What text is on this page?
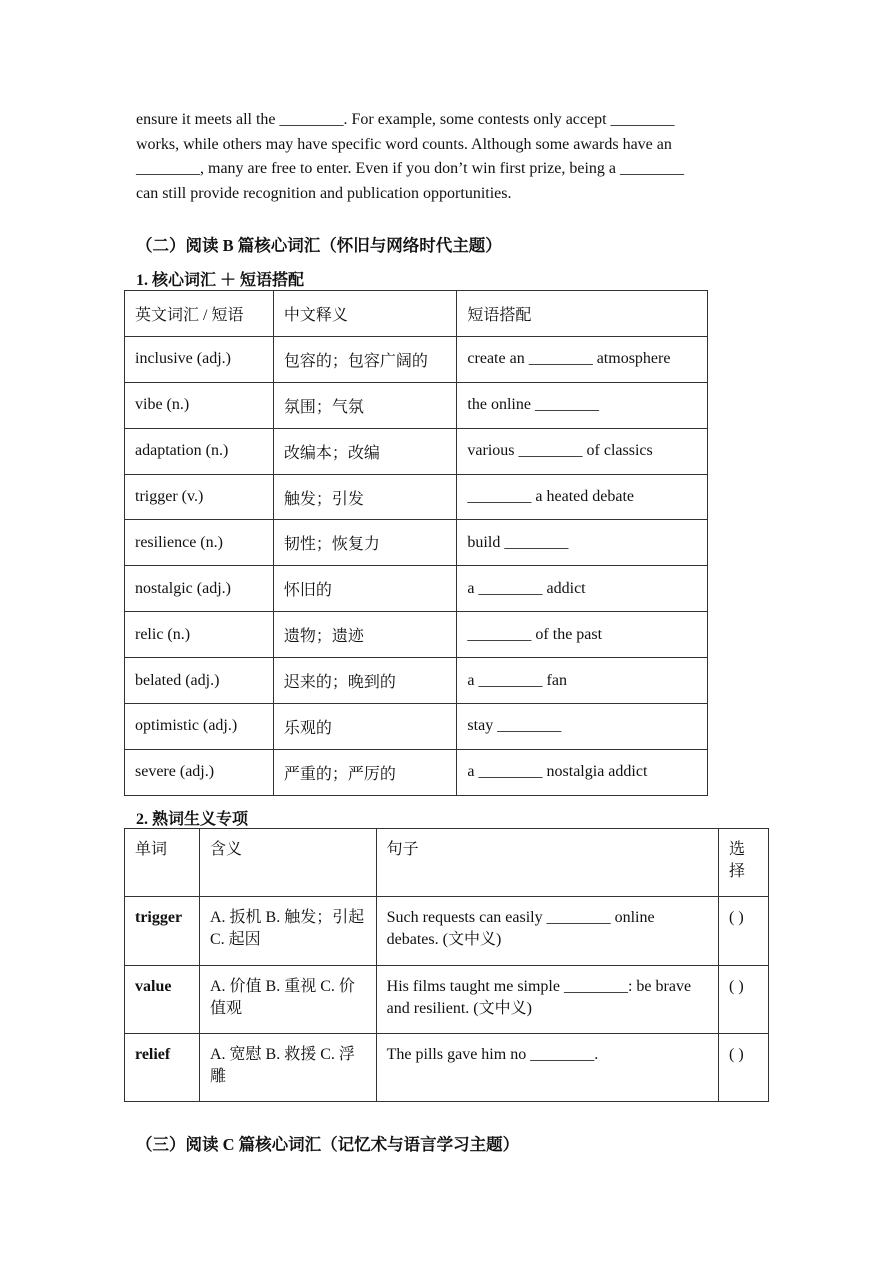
ensure it meets all the ________. For example, some contests only accept ________

works, while others may have specific word counts. Although some awards have an

________, many are free to enter. Even if you don’t win first prize, being a ________

can still provide recognition and publication opportunities.

（二）阅读 B 篇核心词汇（怀旧与网络时代主题）
1. 核心词汇 ＋ 短语搭配
英文词汇 / 短语	中文释义	短语搭配
inclusive (adj.)	包容的；包容广阔的	create an ________ atmosphere
vibe (n.)	氛围；气氛	the online ________
adaptation (n.)	改编本；改编	various ________ of classics
trigger (v.)	触发；引发	________ a heated debate
resilience (n.)	韧性；恢复力	build ________
nostalgic (adj.)	怀旧的	a ________ addict
relic (n.)	遗物；遗迹	________ of the past
belated (adj.)	迟来的；晚到的	a ________ fan
optimistic (adj.)	乐观的	stay ________
severe (adj.)	严重的；严厉的	a ________ nostalgia addict
2. 熟词生义专项
单词	含义	句子	选择
trigger	A. 扳机 B. 触发；引起 C. 起因	Such requests can easily ________ online debates. (文中义)	( )
value	A. 价值 B. 重视 C. 价值观	His films taught me simple ________: be brave and resilient. (文中义)	( )
relief	A. 宽慰 B. 救援 C. 浮雕	The pills gave him no ________.	( )
（三）阅读 C 篇核心词汇（记忆术与语言学习主题）
